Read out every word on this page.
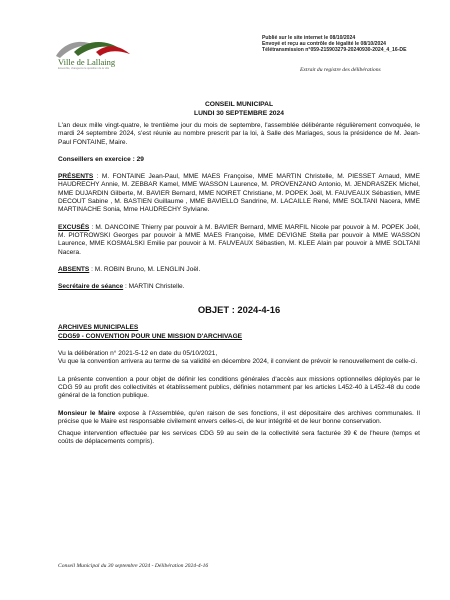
Ville de Lallaing
Ensemble, changeons le quotidien de la ville
Publié sur le site internet le 08/10/2024
Envoyé et reçu au contrôle de légalité le 08/10/2024
Télétransmission n°059-215903279-20240930-2024_4_16-DE
Extrait du registre des délibérations
CONSEIL MUNICIPAL
LUNDI 30 SEPTEMBRE 2024

L'an deux mille vingt-quatre, le trentième jour du mois de septembre, l'assemblée délibérante régulièrement convoquée, le mardi 24 septembre 2024, s'est réunie au nombre prescrit par la loi, à Salle des Mariages, sous la présidence de M. Jean-Paul FONTAINE, Maire.

Conseillers en exercice : 29

PRÉSENTS : M. FONTAINE Jean-Paul, MME MAES Françoise, MME MARTIN Christelle, M. PIESSET Arnaud, MME HAUDRECHY Annie, M. ZEBBAR Kamel, MME WASSON Laurence, M. PROVENZANO Antonio, M. JENDRASZEK Michel, MME DUJARDIN Gilberte, M. BAVIER Bernard, MME NOIRET Christiane, M. POPEK Joël, M. FAUVEAUX Sébastien, MME DECOUT Sabine , M. BASTIEN Guillaume , MME BAVIELLO Sandrine, M. LACAILLE René, MME SOLTANI Nacera, MME MARTINACHE Sonia, Mme HAUDRECHY Sylviane.

EXCUSÉS : M. DANCOINE Thierry par pouvoir à M. BAVIER Bernard, MME MARFIL Nicole par pouvoir à M. POPEK Joël, M. PIOTROWSKI Georges par pouvoir à MME MAES Françoise, MME DEVIGNE Stella par pouvoir à MME WASSON Laurence, MME KOSMALSKI Emilie par pouvoir à M. FAUVEAUX Sébastien, M. KLEE Alain par pouvoir à MME SOLTANI Nacera.

ABSENTS : M. ROBIN Bruno, M. LENGLIN Joël.

Secrétaire de séance : MARTIN Christelle.

OBJET : 2024-4-16
ARCHIVES MUNICIPALES
CDG59 - CONVENTION POUR UNE MISSION D'ARCHIVAGE

Vu la délibération n° 2021-5-12 en date du 05/10/2021,

Vu que la convention arrivera au terme de sa validité en décembre 2024, il convient de prévoir le renouvellement de celle-ci.

La présente convention a pour objet de définir les conditions générales d'accès aux missions optionnelles déployés par le CDG 59 au profit des collectivités et établissement publics, définies notamment par les articles L452-40 à L452-48 du code général de la fonction publique.

Monsieur le Maire expose à l'Assemblée, qu'en raison de ses fonctions, il est dépositaire des archives communales. Il précise que le Maire est responsable civilement envers celles-ci, de leur intégrité et de leur bonne conservation.

Chaque intervention effectuée par les services CDG 59 au sein de la collectivité sera facturée 39 € de l'heure (temps et coûts de déplacements compris).

Conseil Municipal du 30 septembre 2024 - Délibération 2024-4-16
